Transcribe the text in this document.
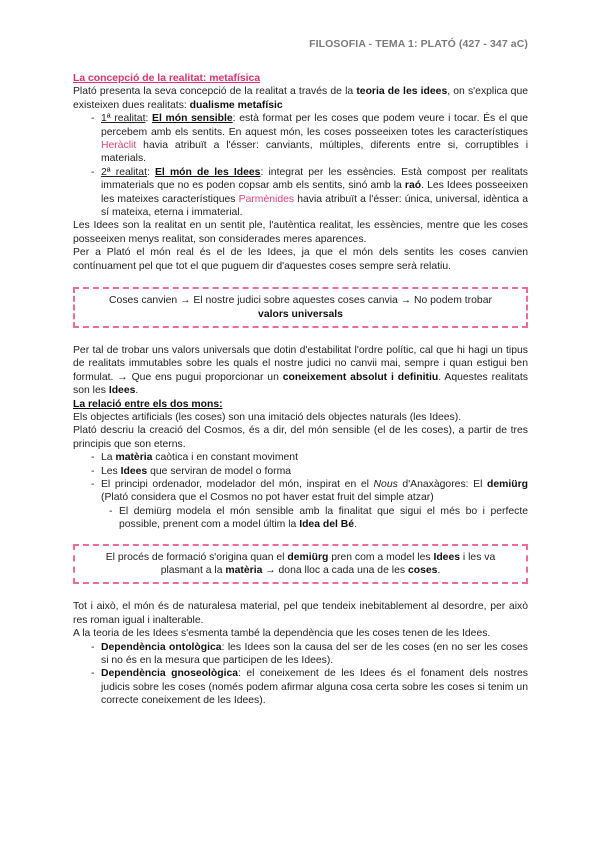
FILOSOFIA - TEMA 1: PLATÓ (427 - 347 aC)

La concepció de la realitat: metafísica

Plató presenta la seva concepció de la realitat a través de la teoria de les idees, on s'explica que existeixen dues realitats: dualisme metafísic

- 1ª realitat: El món sensible: està format per les coses que podem veure i tocar. És el que percebem amb els sentits. En aquest món, les coses posseeixen totes les característiques Heràclit havia atribuït a l'ésser: canviants, múltiples, diferents entre si, corruptibles i materials.
- 2ª realitat: El món de les Idees: integrat per les essències. Està compost per realitats immaterials que no es poden copsar amb els sentits, sinó amb la raó. Les Idees posseeixen les mateixes característiques Parmènides havia atribuït a l'ésser: única, universal, idèntica a sí mateixa, eterna i immaterial.

Les Idees son la realitat en un sentit ple, l'autèntica realitat, les essències, mentre que les coses posseeixen menys realitat, son considerades meres aparences.

Per a Plató el món real és el de les Idees, ja que el món dels sentits les coses canvien contínuament pel que tot el que puguem dir d'aquestes coses sempre serà relatiu.

Coses canvien → El nostre judici sobre aquestes coses canvia → No podem trobar
valors universals

Per tal de trobar uns valors universals que dotin d'estabilitat l'ordre polític, cal que hi hagi un tipus de realitats immutables sobre les quals el nostre judici no canvii mai, sempre i quan estigui ben formulat. → Que ens pugui proporcionar un coneixement absolut i definitiu. Aquestes realitats son les Idees.

La relació entre els dos mons:

Els objectes artificials (les coses) son una imitació dels objectes naturals (les Idees).

Plató descriu la creació del Cosmos, és a dir, del món sensible (el de les coses), a partir de tres principis que son eterns.

- La matèria caòtica i en constant moviment
- Les Idees que serviran de model o forma
- El principi ordenador, modelador del món, inspirat en el Nous d'Anaxàgores: El demiürg (Plató considera que el Cosmos no pot haver estat fruit del simple atzar)
- El demiürg modela el món sensible amb la finalitat que sigui el més bo i perfecte possible, prenent com a model últim la Idea del Bé.
El procés de formació s'origina quan el demiürg pren com a model les Idees i les va plasmant a la matèria → dona lloc a cada una de les coses.

Tot i això, el món és de naturalesa material, pel que tendeix inebitablement al desordre, per això res roman igual i inalterable.

A la teoria de les Idees s'esmenta també la dependència que les coses tenen de les Idees.

- Dependència ontològica: les Idees son la causa del ser de les coses (en no ser les coses si no és en la mesura que participen de les Idees).
- Dependència gnoseològica: el coneixement de les Idees és el fonament dels nostres judicis sobre les coses (només podem afirmar alguna cosa certa sobre les coses si tenim un correcte coneixement de les Idees).
